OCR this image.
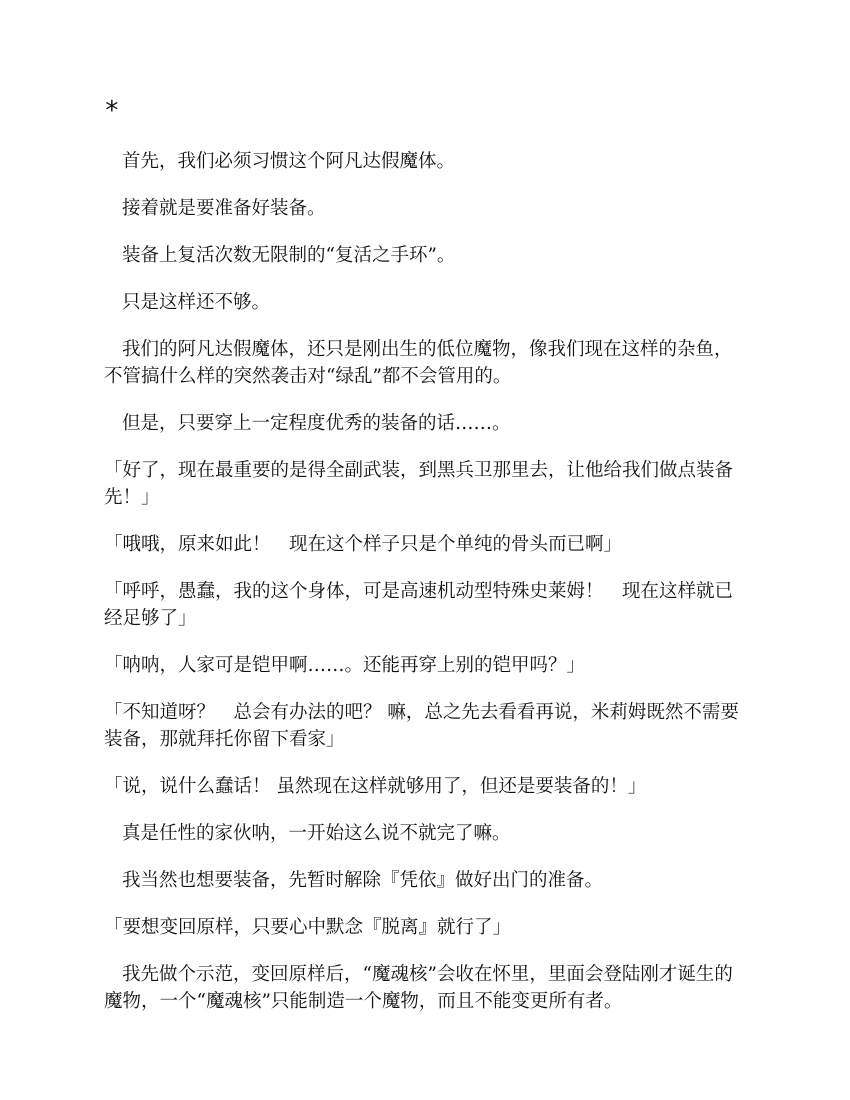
*

首先，我们必须习惯这个阿凡达假魔体。

接着就是要准备好装备。

装备上复活次数无限制的“复活之手环”。

只是这样还不够。

我们的阿凡达假魔体，还只是刚出生的低位魔物，像我们现在这样的杂鱼，不管搞什么样的突然袭击对“绿乱”都不会管用的。

但是，只要穿上一定程度优秀的装备的话……。

「好了，现在最重要的是得全副武装，到黑兵卫那里去，让他给我们做点装备先！」

「哦哦，原来如此！　现在这个样子只是个单纯的骨头而已啊」

「呼呼，愚蠢，我的这个身体，可是高速机动型特殊史莱姆！　现在这样就已经足够了」

「呐呐，人家可是铠甲啊……。还能再穿上别的铠甲吗？」

「不知道呀？　总会有办法的吧？ 嘛，总之先去看看再说，米莉姆既然不需要装备，那就拜托你留下看家」

「说，说什么蠢话！ 虽然现在这样就够用了，但还是要装备的！」

真是任性的家伙呐，一开始这么说不就完了嘛。

我当然也想要装备，先暂时解除『凭依』做好出门的准备。

「要想变回原样，只要心中默念『脱离』就行了」

我先做个示范，变回原样后，“魔魂核”会收在怀里，里面会登陆刚才诞生的魔物，一个“魔魂核”只能制造一个魔物，而且不能变更所有者。
